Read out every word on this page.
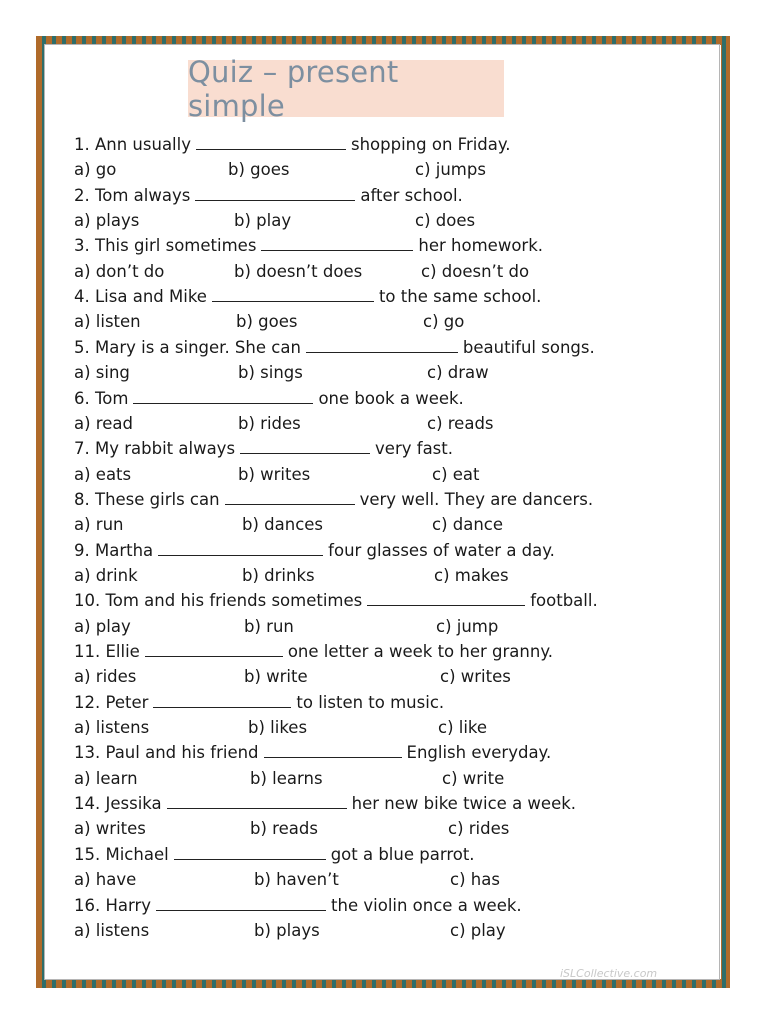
Quiz – present simple
1. Ann usually	shopping on Friday.
a) go	b) goes	c) jumps
2. Tom always	after school.
a) plays	b) play	c) does
3. This girl sometimes	her homework.
a) don’t do	b) doesn’t does	c) doesn’t do
4. Lisa and Mike	to the same school.
a) listen	b) goes	c) go
5. Mary is a singer. She can	beautiful songs.
a) sing	b) sings	c) draw
6. Tom	one book a week.
a) read	b) rides	c) reads
7. My rabbit always	very fast.
a) eats	b) writes	c) eat
8. These girls can	very well. They are dancers.
a) run	b) dances	c) dance
9. Martha	four glasses of water a day.
a) drink	b) drinks	c) makes
10. Tom and his friends sometimes	football.
a) play	b) run	c) jump
11. Ellie	one letter a week to her granny.
a) rides	b) write	c) writes
12. Peter	to listen to music.
a) listens	b) likes	c) like
13. Paul and his friend	English everyday.
a) learn	b) learns	c) write
14. Jessika	her new bike twice a week.
a) writes	b) reads	c) rides
15. Michael	got a blue parrot.
a) have	b) haven’t	c) has
16. Harry	the violin once a week.
a) listens	b) plays	c) play
iSLCollective.com
